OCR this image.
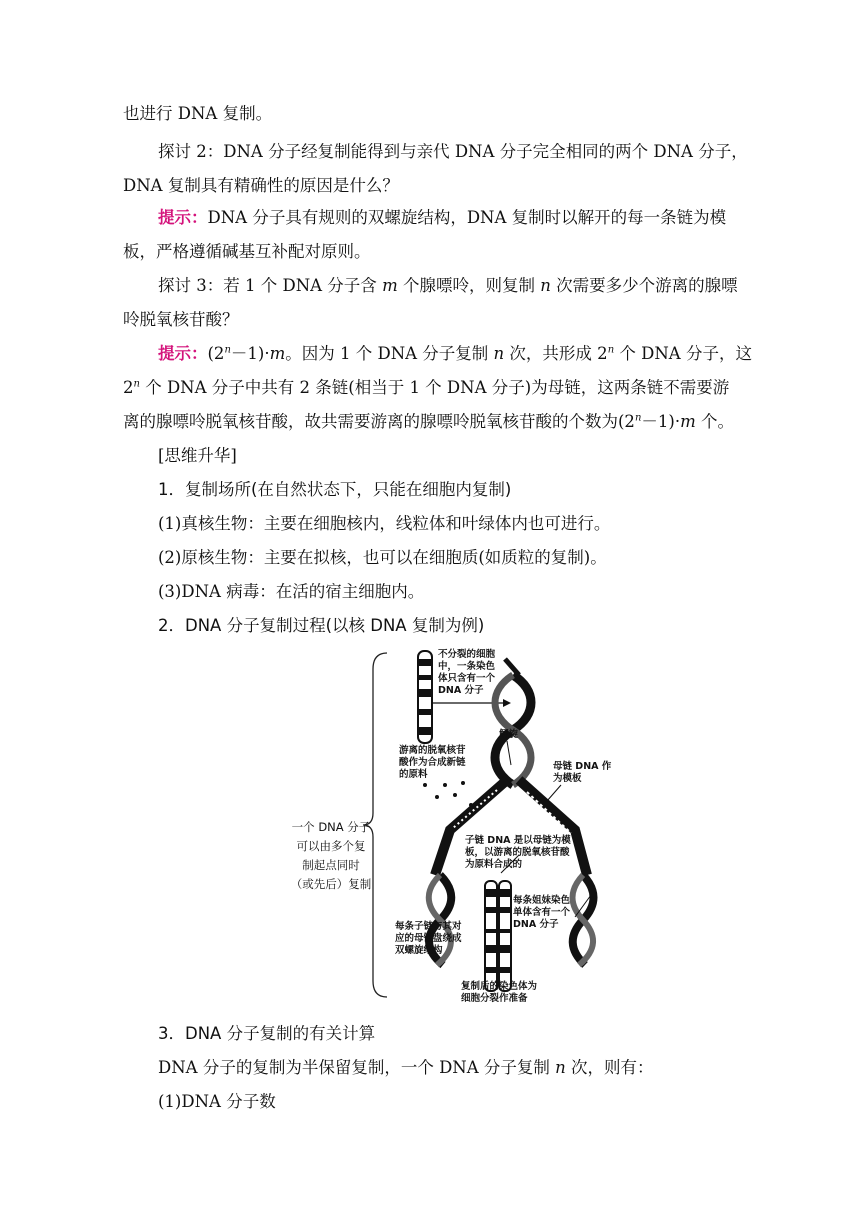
也进行 DNA 复制。
探讨 2：DNA 分子经复制能得到与亲代 DNA 分子完全相同的两个 DNA 分子，
DNA 复制具有精确性的原因是什么？
提示：DNA 分子具有规则的双螺旋结构，DNA 复制时以解开的每一条链为模
板，严格遵循碱基互补配对原则。
探讨 3：若 1 个 DNA 分子含 m 个腺嘌呤，则复制 n 次需要多少个游离的腺嘌
呤脱氧核苷酸？
提示：$(2^n-1)\cdot m$。因为 1 个 DNA 分子复制 n 次，共形成 2$^n$ 个 DNA 分子，这
2$^n$ 个 DNA 分子中共有 2 条链(相当于 1 个 DNA 分子)为母链，这两条链不需要游
离的腺嘌呤脱氧核苷酸，故共需要游离的腺嘌呤脱氧核苷酸的个数为$(2^n-1)\cdot m$ 个。
[思维升华]
1．复制场所(在自然状态下，只能在细胞内复制)
(1)真核生物：主要在细胞核内，线粒体和叶绿体内也可进行。
(2)原核生物：主要在拟核，也可以在细胞质(如质粒的复制)。
(3)DNA 病毒：在活的宿主细胞内。
2．DNA 分子复制过程(以核 DNA 复制为例)
一个 DNA 分子
可以由多个复
制起点同时
（或先后）复制
不分裂的细胞
中，一条染色
体只含有一个
DNA 分子
解旋
游离的脱氧核苷
酸作为合成新链
的原料
母链 DNA 作
为模板
子链 DNA 是以母链为模
板，以游离的脱氧核苷酸
为原料合成的
每条姐妹染色
单体含有一个
DNA 分子
每条子链与其对
应的母链盘绕成
双螺旋结构
复制后的染色体为
细胞分裂作准备
3．DNA 分子复制的有关计算
DNA 分子的复制为半保留复制，一个 DNA 分子复制 n 次，则有：
(1)DNA 分子数
